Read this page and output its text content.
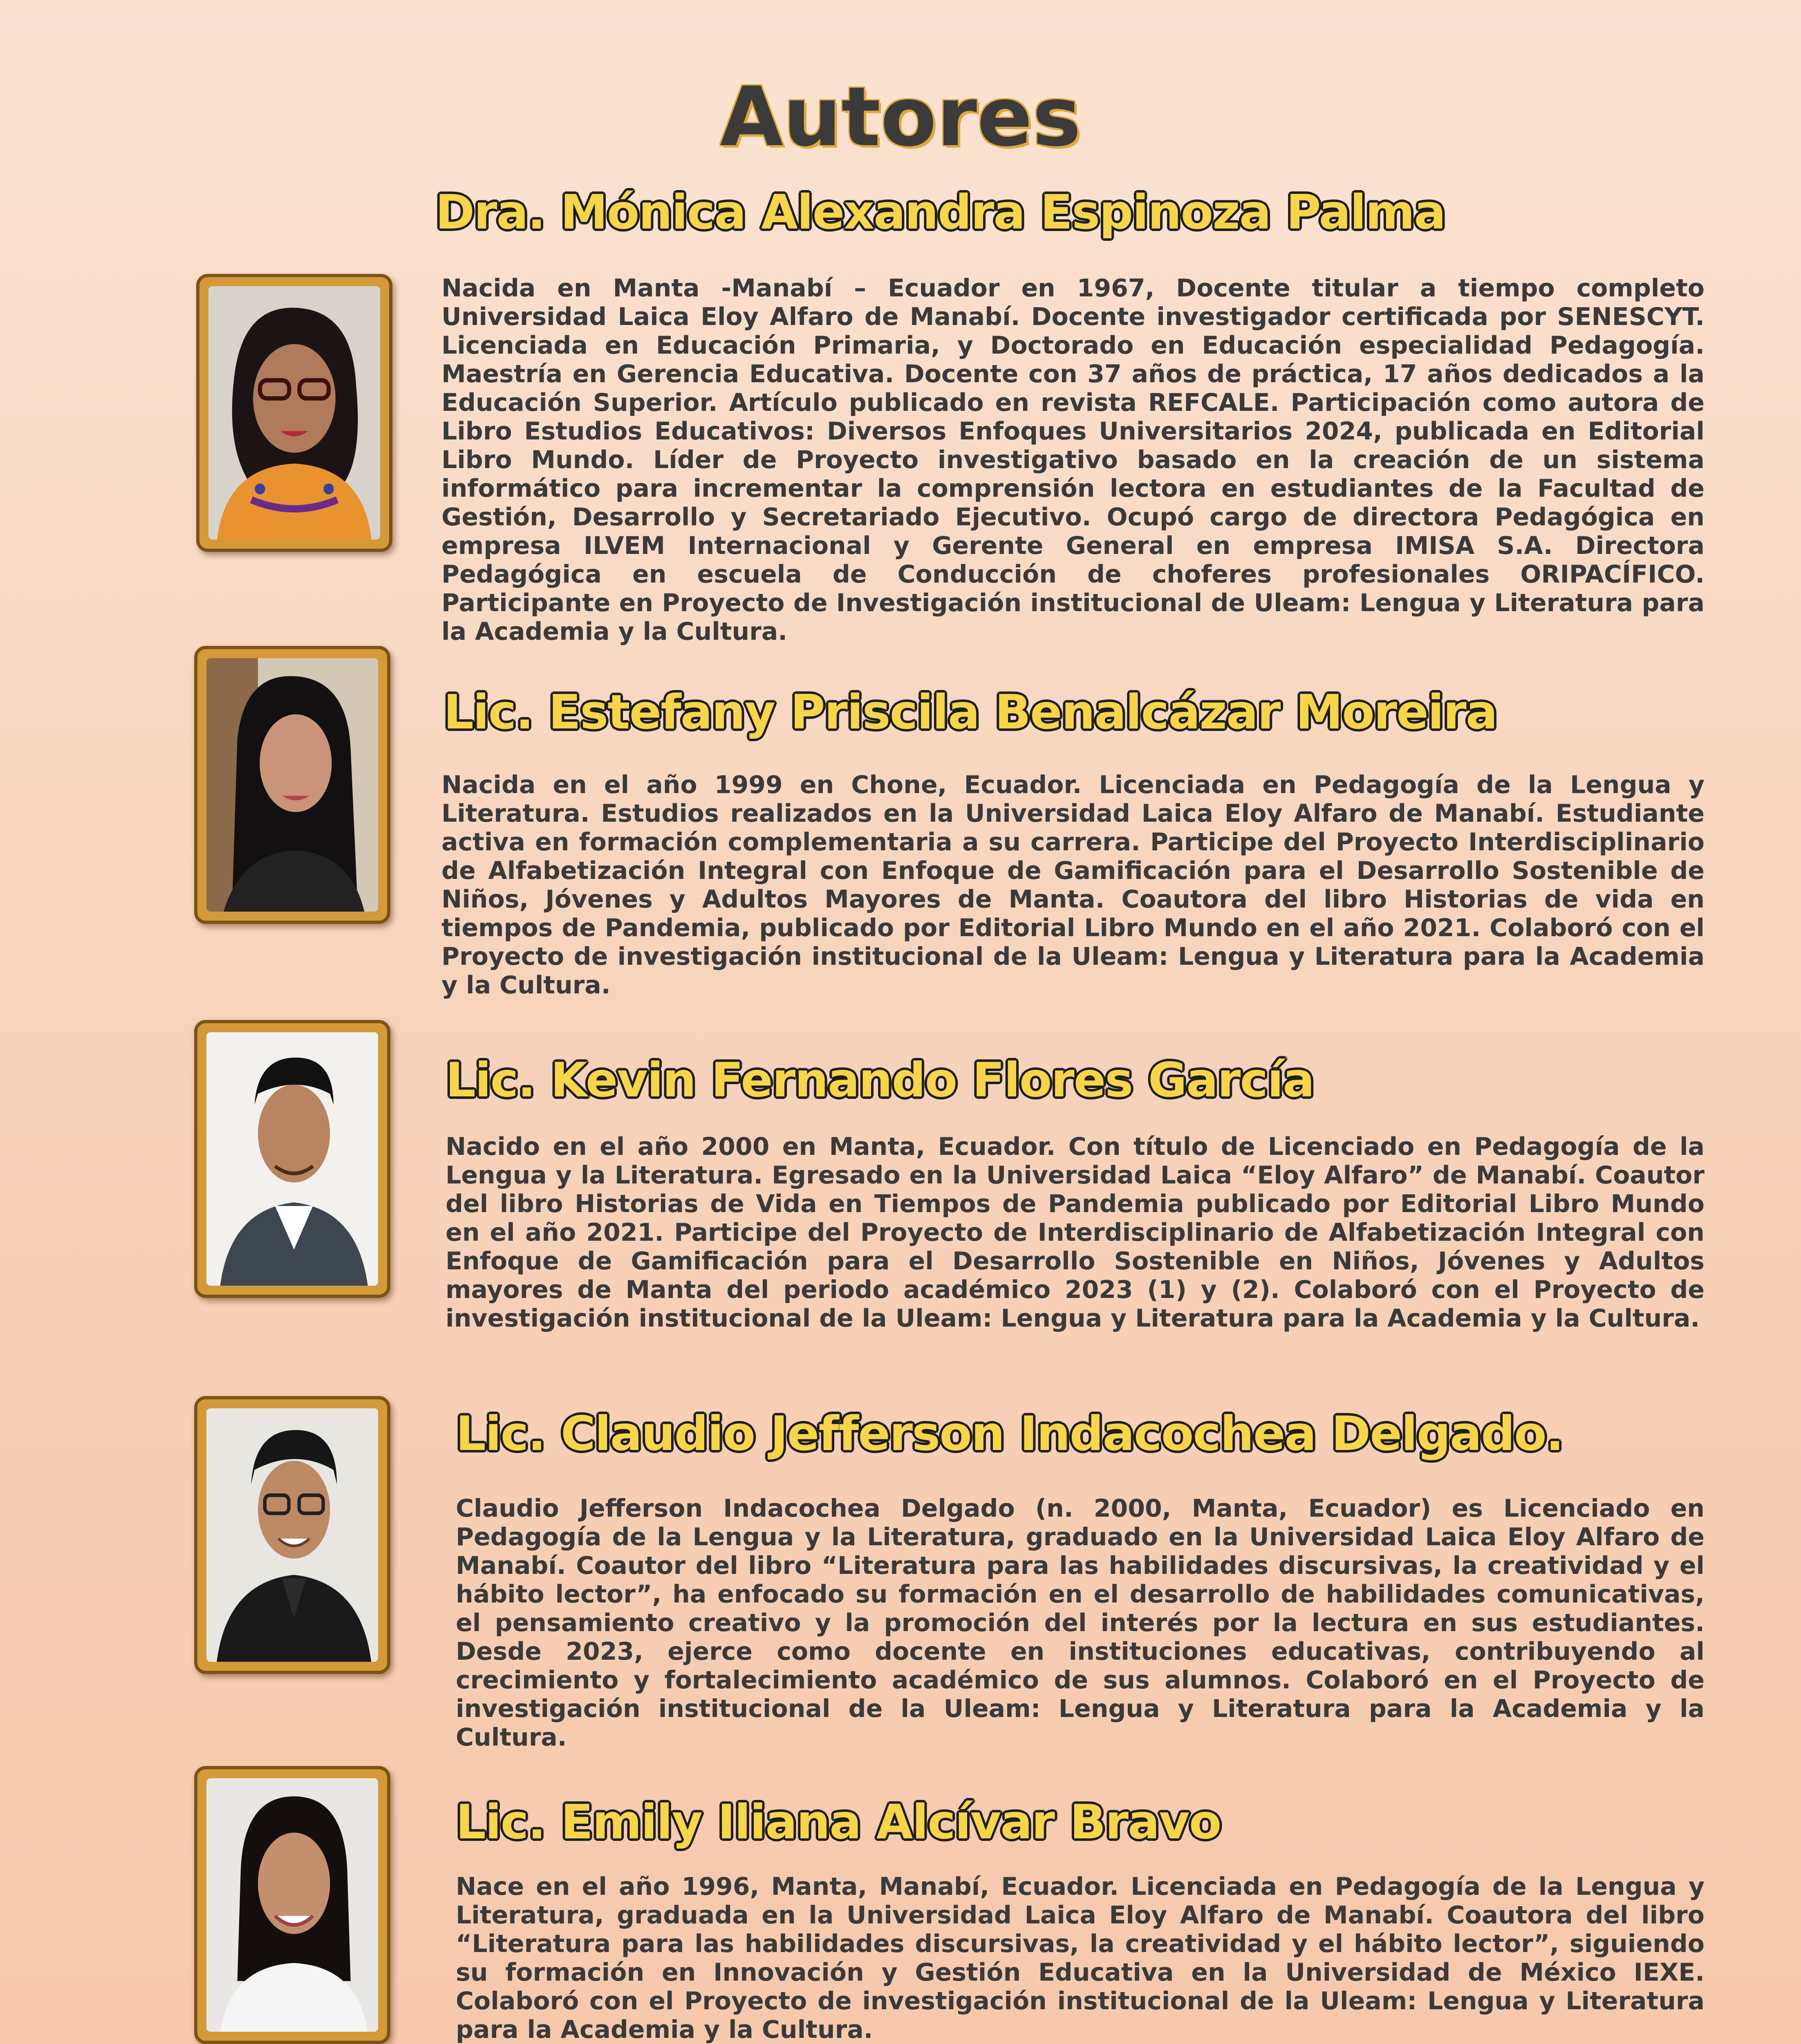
Autores
Dra. Mónica Alexandra Espinoza Palma

Nacida en Manta -Manabí – Ecuador en 1967, Docente titular a tiempo completo Universidad Laica Eloy Alfaro de Manabí. Docente investigador certificada por SENESCYT. Licenciada en Educación Primaria, y Doctorado en Educación especialidad Pedagogía. Maestría en Gerencia Educativa. Docente con 37 años de práctica, 17 años dedicados a la Educación Superior. Artículo publicado en revista REFCALE. Participación como autora de Libro Estudios Educativos: Diversos Enfoques Universitarios 2024, publicada en Editorial Libro Mundo. Líder de Proyecto investigativo basado en la creación de un sistema informático para incrementar la comprensión lectora en estudiantes de la Facultad de Gestión, Desarrollo y Secretariado Ejecutivo. Ocupó cargo de directora Pedagógica en empresa ILVEM Internacional y Gerente General en empresa IMISA S.A. Directora Pedagógica en escuela de Conducción de choferes profesionales ORIPACÍFICO. Participante en Proyecto de Investigación institucional de Uleam: Lengua y Literatura para la Academia y la Cultura.

Lic. Estefany Priscila Benalcázar Moreira

Nacida en el año 1999 en Chone, Ecuador. Licenciada en Pedagogía de la Lengua y Literatura. Estudios realizados en la Universidad Laica Eloy Alfaro de Manabí. Estudiante activa en formación complementaria a su carrera. Participe del Proyecto Interdisciplinario de Alfabetización Integral con Enfoque de Gamificación para el Desarrollo Sostenible de Niños, Jóvenes y Adultos Mayores de Manta. Coautora del libro Historias de vida en tiempos de Pandemia, publicado por Editorial Libro Mundo en el año 2021. Colaboró con el Proyecto de investigación institucional de la Uleam: Lengua y Literatura para la Academia y la Cultura.

Lic. Kevin Fernando Flores García

Nacido en el año 2000 en Manta, Ecuador. Con título de Licenciado en Pedagogía de la Lengua y la Literatura. Egresado en la Universidad Laica “Eloy Alfaro” de Manabí. Coautor del libro Historias de Vida en Tiempos de Pandemia publicado por Editorial Libro Mundo en el año 2021. Participe del Proyecto de Interdisciplinario de Alfabetización Integral con Enfoque de Gamificación para el Desarrollo Sostenible en Niños, Jóvenes y Adultos mayores de Manta del periodo académico 2023 (1) y (2). Colaboró con el Proyecto de investigación institucional de la Uleam: Lengua y Literatura para la Academia y la Cultura.

Lic. Claudio Jefferson Indacochea Delgado.

Claudio Jefferson Indacochea Delgado (n. 2000, Manta, Ecuador) es Licenciado en Pedagogía de la Lengua y la Literatura, graduado en la Universidad Laica Eloy Alfaro de Manabí. Coautor del libro “Literatura para las habilidades discursivas, la creatividad y el hábito lector”, ha enfocado su formación en el desarrollo de habilidades comunicativas, el pensamiento creativo y la promoción del interés por la lectura en sus estudiantes. Desde 2023, ejerce como docente en instituciones educativas, contribuyendo al crecimiento y fortalecimiento académico de sus alumnos. Colaboró en el Proyecto de investigación institucional de la Uleam: Lengua y Literatura para la Academia y la Cultura.

Lic. Emily Iliana Alcívar Bravo

Nace en el año 1996, Manta, Manabí, Ecuador. Licenciada en Pedagogía de la Lengua y Literatura, graduada en la Universidad Laica Eloy Alfaro de Manabí. Coautora del libro “Literatura para las habilidades discursivas, la creatividad y el hábito lector”, siguiendo su formación en Innovación y Gestión Educativa en la Universidad de México IEXE. Colaboró con el Proyecto de investigación institucional de la Uleam: Lengua y Literatura para la Academia y la Cultura.
